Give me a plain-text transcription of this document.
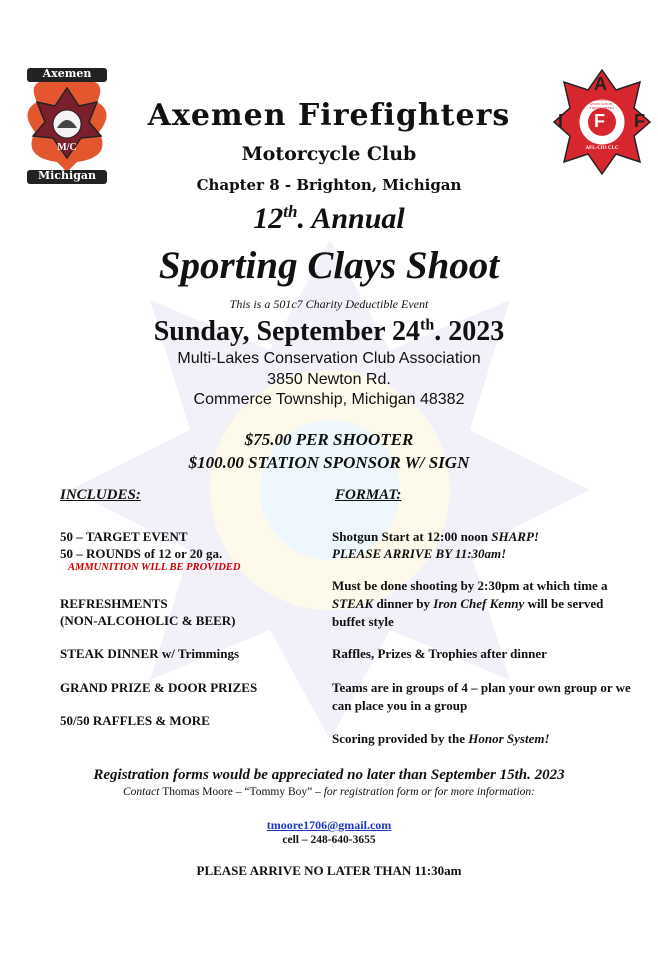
Axemen
M/C
Michigan
A
I F F
INTERNATIONAL ASSOCIATION · FIREFIGHTERS
AFL-CIO CLC
Axemen Firefighters
Motorcycle Club
Chapter 8 - Brighton, Michigan
12th. Annual
Sporting Clays Shoot
This is a 501c7 Charity Deductible Event
Sunday, September 24th. 2023
Multi-Lakes Conservation Club Association
3850 Newton Rd.
Commerce Township, Michigan 48382
$75.00 PER SHOOTER
$100.00 STATION SPONSOR W/ SIGN
INCLUDES:
50 – TARGET EVENT
50 – ROUNDS of 12 or 20 ga.
AMMUNITION WILL BE PROVIDED
REFRESHMENTS
(NON-ALCOHOLIC & BEER)
STEAK DINNER w/ Trimmings
GRAND PRIZE & DOOR PRIZES
50/50 RAFFLES & MORE
FORMAT:
Shotgun Start at 12:00 noon SHARP!
PLEASE ARRIVE BY 11:30am!
Must be done shooting by 2:30pm at which time a STEAK dinner by Iron Chef Kenny will be served buffet style
Raffles, Prizes & Trophies after dinner
Teams are in groups of 4 – plan your own group or we can place you in a group
Scoring provided by the Honor System!
Registration forms would be appreciated no later than September 15th. 2023
Contact Thomas Moore – “Tommy Boy” – for registration form or for more information:
tmoore1706@gmail.com
cell – 248-640-3655
PLEASE ARRIVE NO LATER THAN 11:30am
